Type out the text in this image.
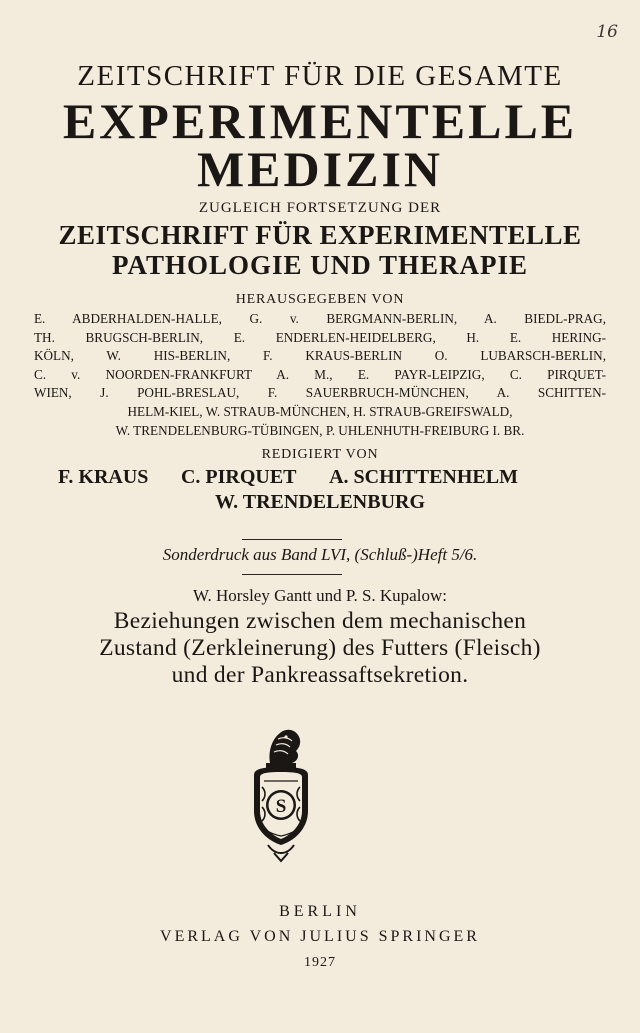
16
ZEITSCHRIFT FÜR DIE GESAMTE
EXPERIMENTELLE
MEDIZIN
ZUGLEICH FORTSETZUNG DER
ZEITSCHRIFT FÜR EXPERIMENTELLE
PATHOLOGIE UND THERAPIE
HERAUSGEGEBEN VON
E. ABDERHALDEN-HALLE, G. v. BERGMANN-BERLIN, A. BIEDL-PRAG,
TH. BRUGSCH-BERLIN, E. ENDERLEN-HEIDELBERG, H. E. HERING-
KÖLN, W. HIS-BERLIN, F. KRAUS-BERLIN O. LUBARSCH-BERLIN,
C. v. NOORDEN-FRANKFURT A. M., E. PAYR-LEIPZIG, C. PIRQUET-
WIEN, J. POHL-BRESLAU, F. SAUERBRUCH-MÜNCHEN, A. SCHITTEN-
HELM-KIEL, W. STRAUB-MÜNCHEN, H. STRAUB-GREIFSWALD,
W. TRENDELENBURG-TÜBINGEN, P. UHLENHUTH-FREIBURG I. BR.
REDIGIERT VON
F. KRAUS C. PIRQUET A. SCHITTENHELM
W. TRENDELENBURG
Sonderdruck aus Band LVI, (Schluß-)Heft 5/6.
W. Horsley Gantt und P. S. Kupalow:
Beziehungen zwischen dem mechanischen
Zustand (Zerkleinerung) des Futters (Fleisch)
und der Pankreassaftsekretion.
S
BERLIN
VERLAG VON JULIUS SPRINGER
1927
